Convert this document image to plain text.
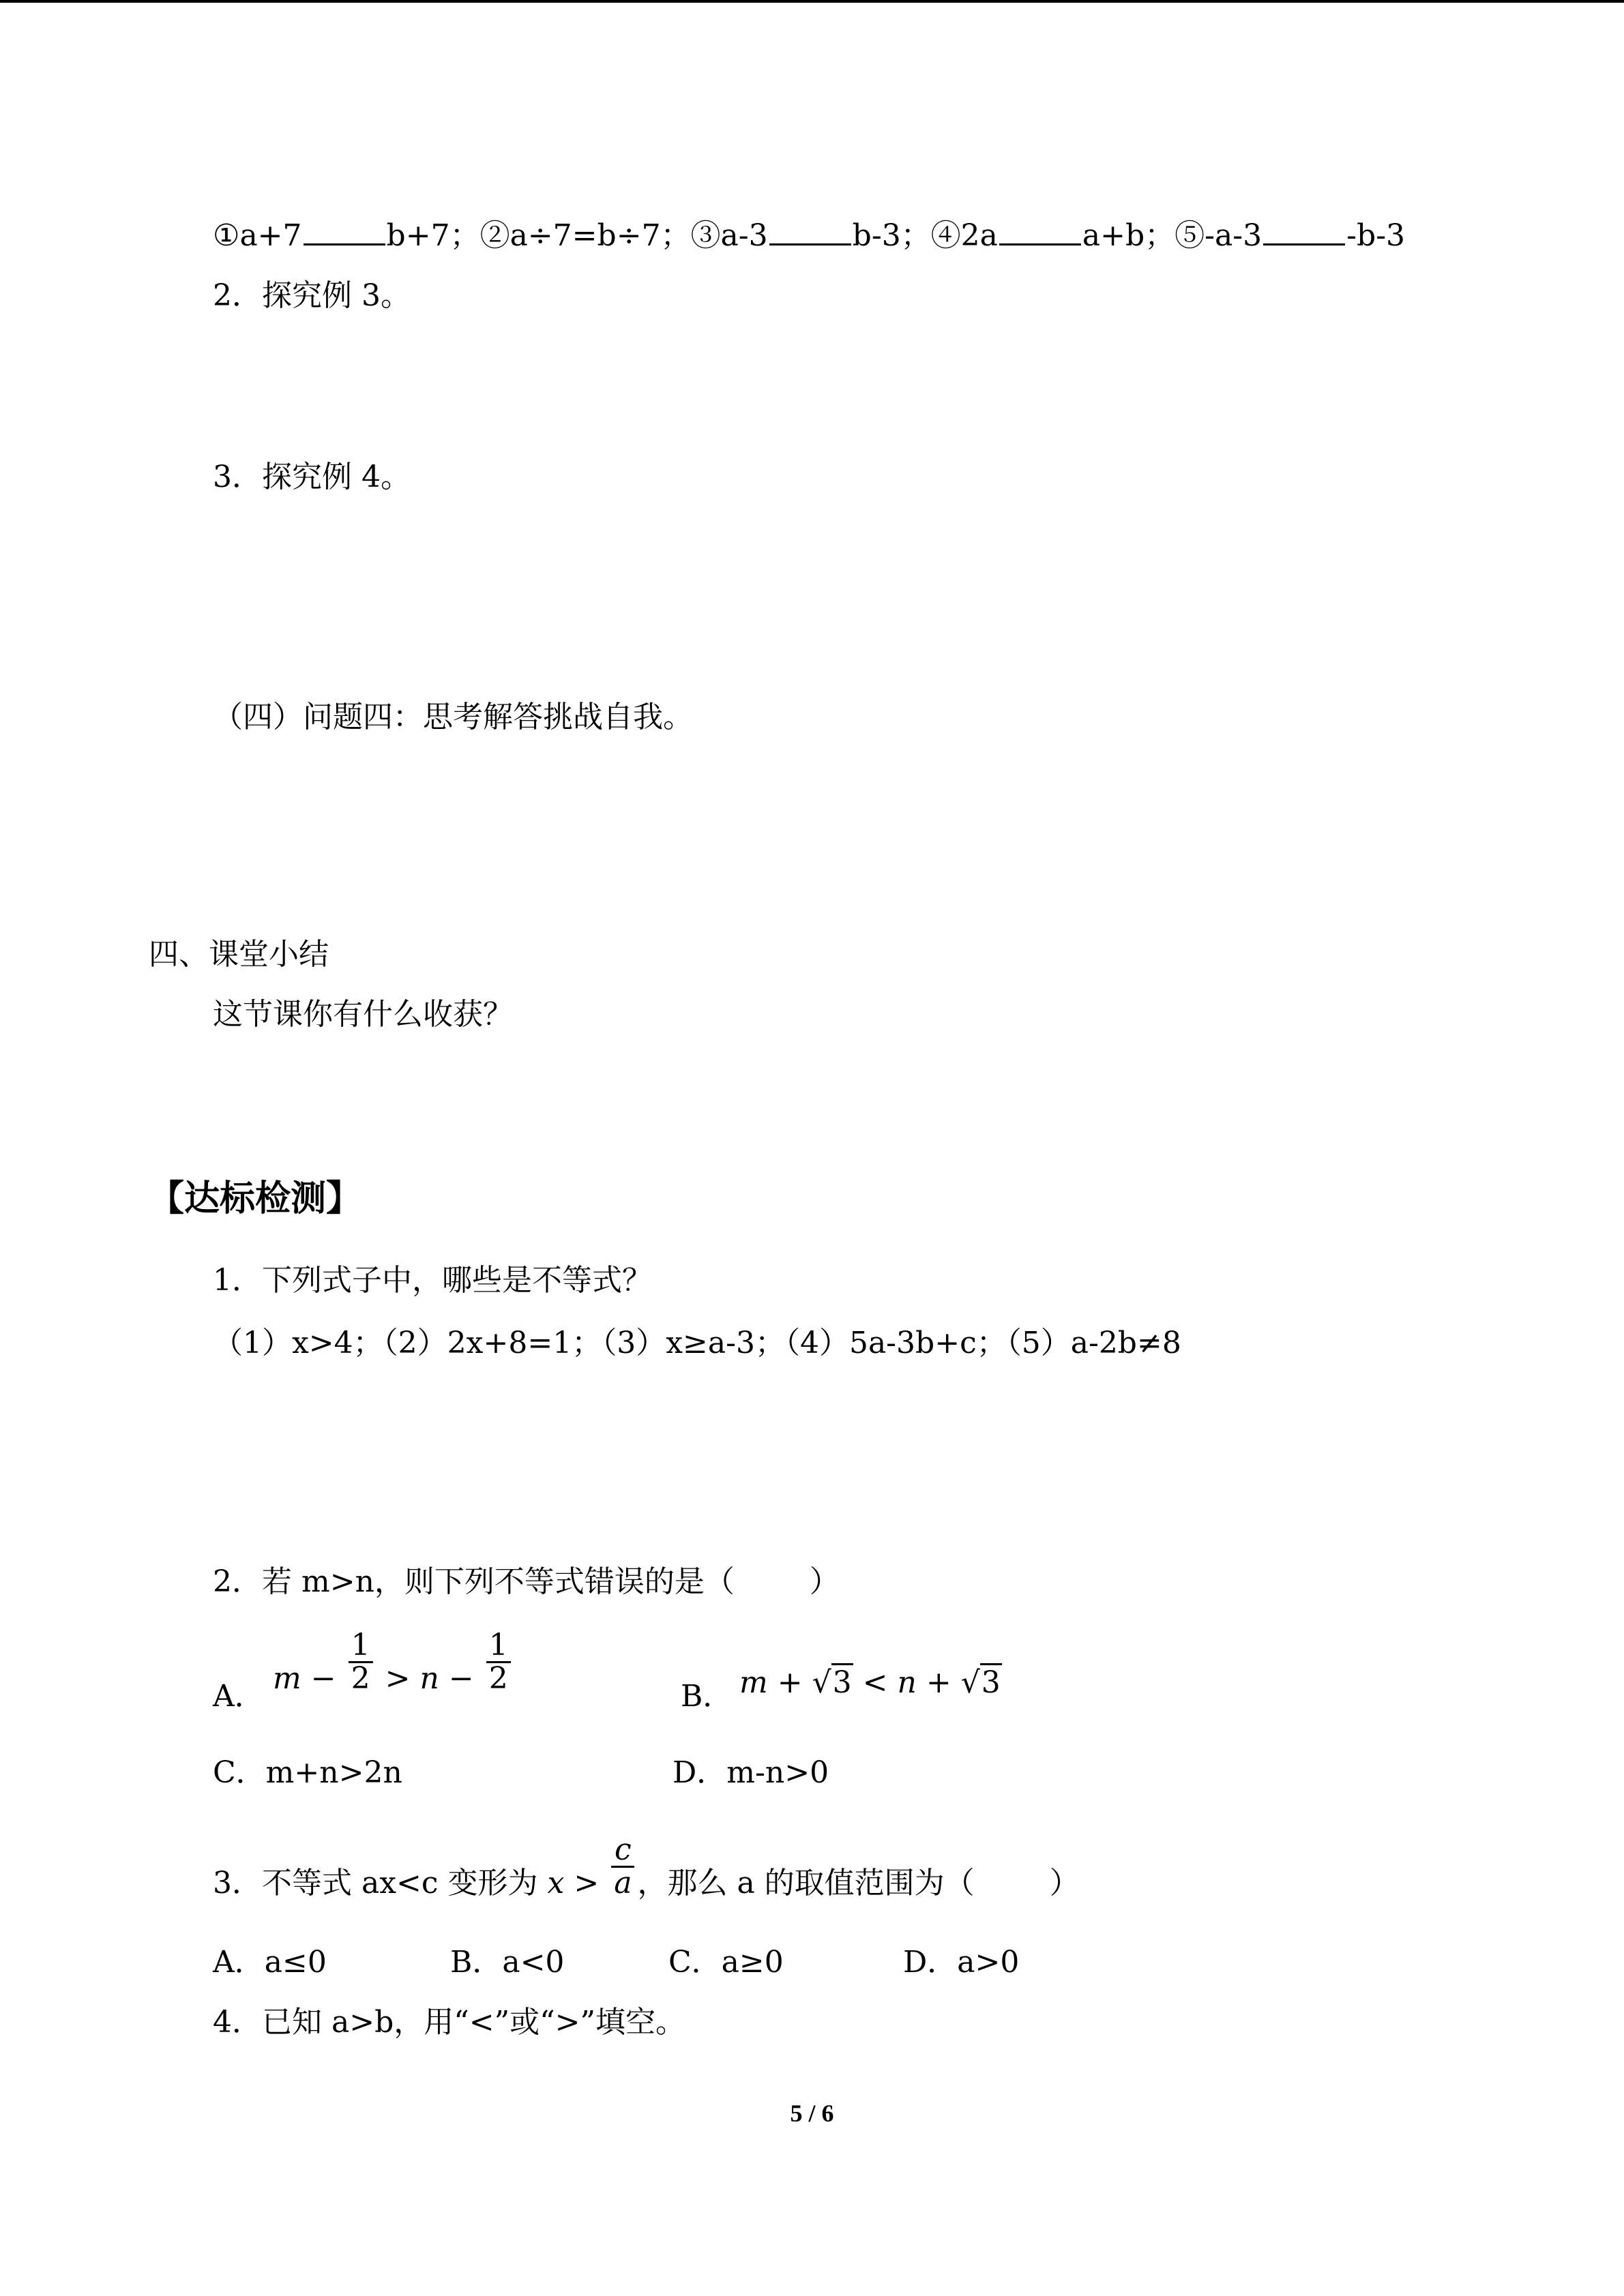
①a+7	b+7；②a÷7=b÷7；③a-3	b-3；④2a	a+b；⑤-a-3	-b-3
2．探究例 3。
3．探究例 4。
（四）问题四：思考解答挑战自我。
四、课堂小结
这节课你有什么收获？
【达标检测】
1．下列式子中，哪些是不等式？
（1）x>4；（2）2x+8=1；（3）x≥a-3；（4）5a-3b+c；（5）a-2b≠8
2．若 m>n，则下列不等式错误的是（	）
A．
$m - \frac{1}{2} > n - \frac{1}{2}$
B． m + √3 < n + √3
C．m+n>2n	D．m-n>0
3．不等式 ax<c 变形为 $x > \frac{c}{a}$ ，那么 a 的取值范围为（	）
A．a≤0	B．a<0	C．a≥0	D．a>0
4．已知 a>b，用“<”或“>”填空。
5 / 6
